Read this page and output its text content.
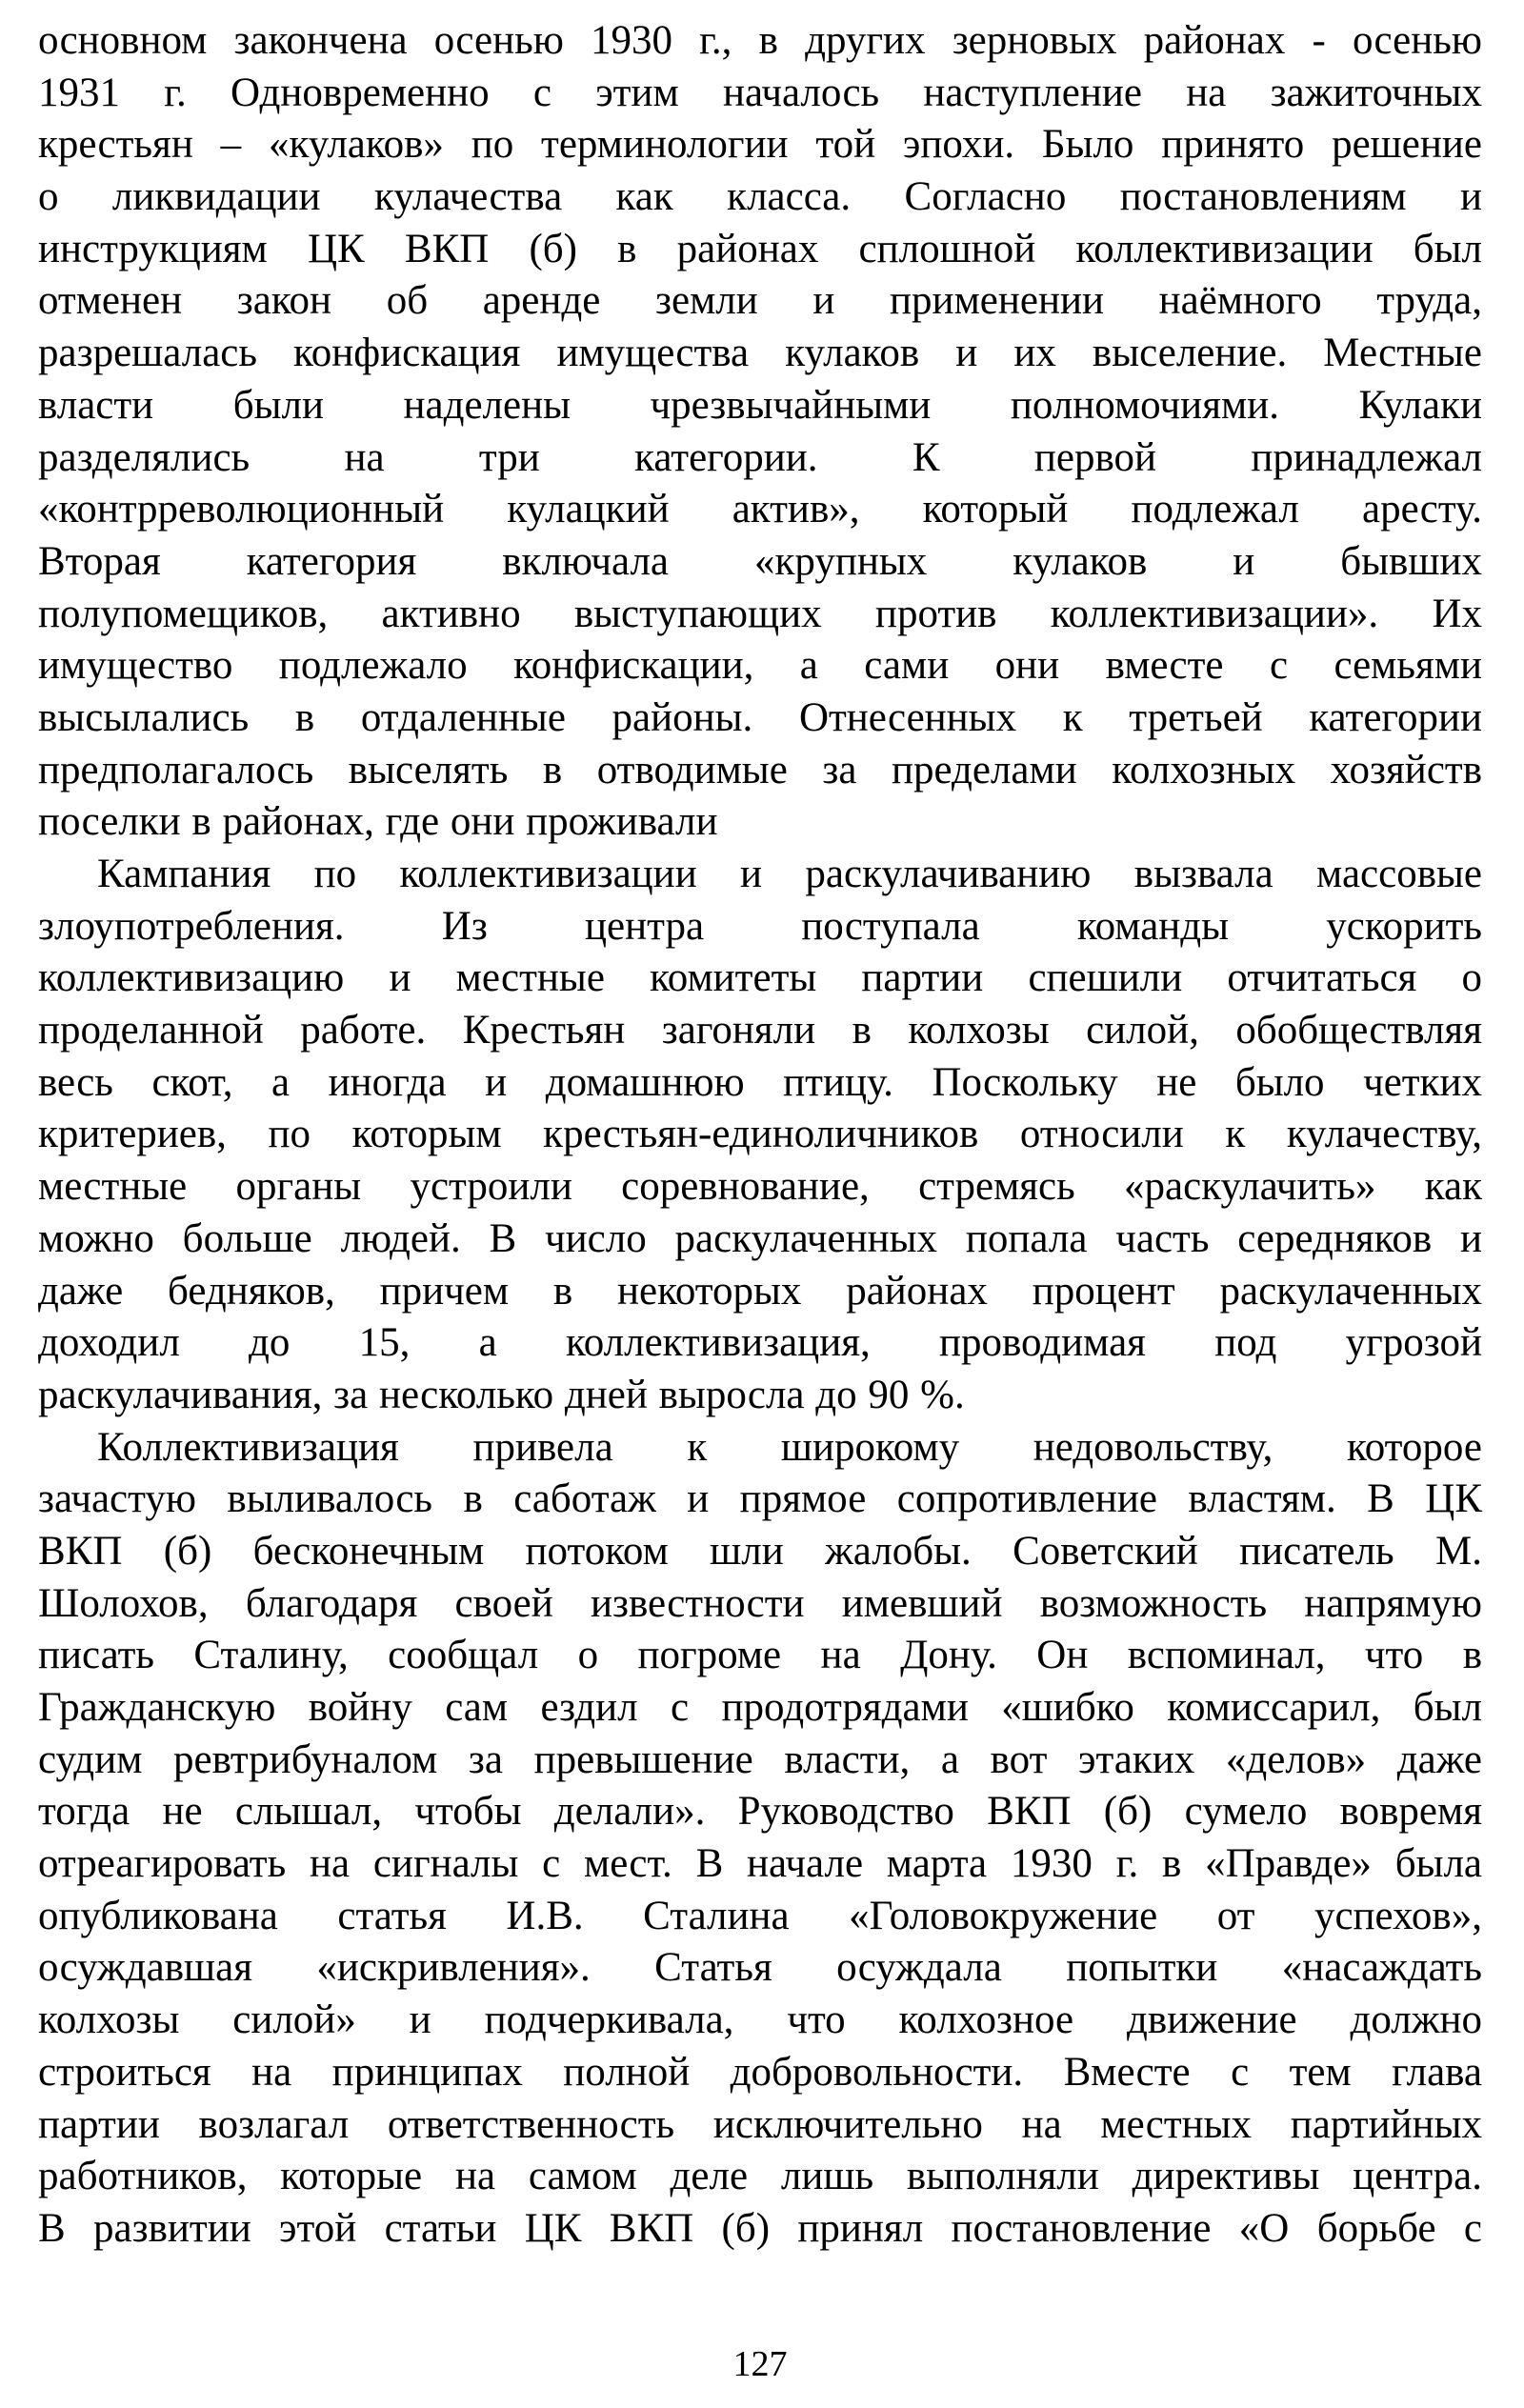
основном закончена осенью 1930 г., в других зерновых районах - осенью
1931 г. Одновременно с этим началось наступление на зажиточных
крестьян – «кулаков» по терминологии той эпохи. Было принято решение
о ликвидации кулачества как класса. Согласно постановлениям и
инструкциям ЦК ВКП (б) в районах сплошной коллективизации был
отменен закон об аренде земли и применении наёмного труда,
разрешалась конфискация имущества кулаков и их выселение. Местные
власти были наделены чрезвычайными полномочиями. Кулаки
разделялись на три категории. К первой принадлежал
«контрреволюционный кулацкий актив», который подлежал аресту.
Вторая категория включала «крупных кулаков и бывших
полупомещиков, активно выступающих против коллективизации». Их
имущество подлежало конфискации, а сами они вместе с семьями
высылались в отдаленные районы. Отнесенных к третьей категории
предполагалось выселять в отводимые за пределами колхозных хозяйств
поселки в районах, где они проживали
Кампания по коллективизации и раскулачиванию вызвала массовые
злоупотребления. Из центра поступала команды ускорить
коллективизацию и местные комитеты партии спешили отчитаться о
проделанной работе. Крестьян загоняли в колхозы силой, обобществляя
весь скот, а иногда и домашнюю птицу. Поскольку не было четких
критериев, по которым крестьян-единоличников относили к кулачеству,
местные органы устроили соревнование, стремясь «раскулачить» как
можно больше людей. В число раскулаченных попала часть середняков и
даже бедняков, причем в некоторых районах процент раскулаченных
доходил до 15, а коллективизация, проводимая под угрозой
раскулачивания, за несколько дней выросла до 90 %.
Коллективизация привела к широкому недовольству, которое
зачастую выливалось в саботаж и прямое сопротивление властям. В ЦК
ВКП (б) бесконечным потоком шли жалобы. Советский писатель М.
Шолохов, благодаря своей известности имевший возможность напрямую
писать Сталину, сообщал о погроме на Дону. Он вспоминал, что в
Гражданскую войну сам ездил с продотрядами «шибко комиссарил, был
судим ревтрибуналом за превышение власти, а вот этаких «делов» даже
тогда не слышал, чтобы делали». Руководство ВКП (б) сумело вовремя
отреагировать на сигналы с мест. В начале марта 1930 г. в «Правде» была
опубликована статья И.В. Сталина «Головокружение от успехов»,
осуждавшая «искривления». Статья осуждала попытки «насаждать
колхозы силой» и подчеркивала, что колхозное движение должно
строиться на принципах полной добровольности. Вместе с тем глава
партии возлагал ответственность исключительно на местных партийных
работников, которые на самом деле лишь выполняли директивы центра.
В развитии этой статьи ЦК ВКП (б) принял постановление «О борьбе с
127
